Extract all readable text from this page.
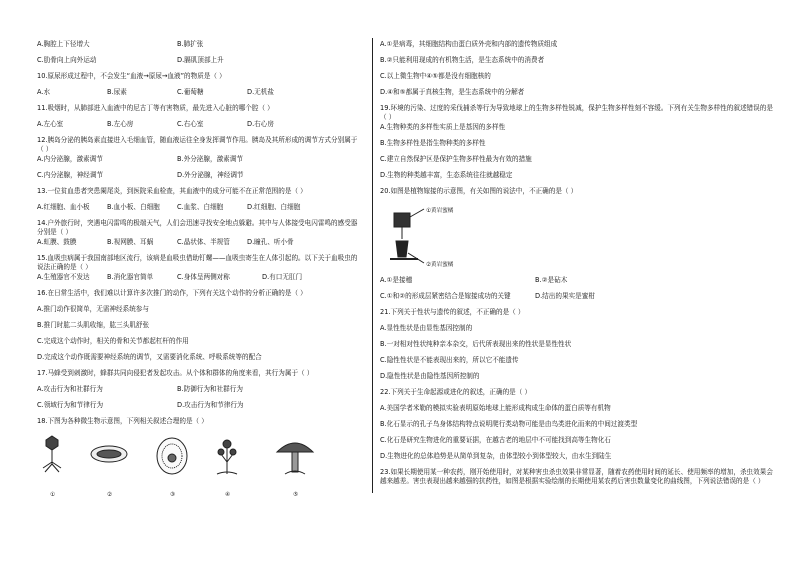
A.胸腔上下径增大	B.肺扩张
C.肋骨向上向外运动	D.膈肌顶部上升
10.原尿形成过程中，不会发生“血液→原尿→血液”的物质是（ ）
A.水	B.尿素	C.葡萄糖	D.无机盐
11.吸烟时，从肺部进入血液中的尼古丁等有害物质，最先进入心脏的哪个腔（ ）
A.左心室	B.左心房	C.右心室	D.右心房
12.胰岛分泌的胰岛素直接进入毛细血管，随血液运往全身发挥调节作用。胰岛及其所形成的调节方式分别属于（ ）
A.内分泌腺，激素调节	B.外分泌腺，激素调节
C.内分泌腺，神经调节	D.外分泌腺，神经调节
13.一位贫血患者突患阑尾炎，到医院采血检查，其血液中的成分可能不在正常范围的是（ ）
A.红细胞、血小板	B.血小板、白细胞	C.血浆、白细胞	D.红细胞、白细胞
14.户外旅行时，突遇电闪雷鸣的极端天气，人们会迅速寻找安全地点躲避。其中与人体接受电闪雷鸣的感受器分别是（ ）
A.虹膜、鼓膜	B.视网膜、耳蜗	C.晶状体、半规管	D.瞳孔、听小骨
15.血吸虫病属于我国南部地区流行，该病是血吸虫借助钉螺——血吸虫寄生在人体引起的。以下关于血吸虫的说法正确的是（ ）
A.生殖器官不发达	B.消化器官简单	C.身体呈两侧对称	D.有口无肛门
16.在日常生活中，我们难以计算许多次推门的动作，下列有关这个动作的分析正确的是（ ）
A.推门动作很简单，无需神经系统参与
B.推门时肱二头肌收缩，肱三头肌舒张
C.完成这个动作时，相关的骨和关节都起杠杆的作用
D.完成这个动作既需要神经系统的调节，又需要消化系统、呼吸系统等的配合
17.马蜂受到刺激时，蜂群共同向侵犯者发起攻击。从个体和群体的角度来看，其行为属于（ ）
A.攻击行为和社群行为	B.防御行为和社群行为
C.领域行为和节律行为	D.攻击行为和节律行为
18.下图为各种微生物示意图，下列相关叙述合理的是（ ）
①	②	③	④	⑤
A.①是病毒，其细胞结构由蛋白质外壳和内部的遗传物质组成
B.②只能利用现成的有机物生活，是生态系统中的消费者
C.以上微生物中④⑤都是没有细胞核的
D.④和⑤都属于真核生物，是生态系统中的分解者
19.环境的污染、过度的采伐捕杀等行为导致地球上的生物多样性锐减，保护生物多样性刻不容缓。下列有关生物多样性的叙述错误的是（ ）
A.生物种类的多样性实质上是基因的多样性
B.生物多样性是指生物种类的多样性
C.建立自然保护区是保护生物多样性最为有效的措施
D.生物的种类越丰富，生态系统往往就越稳定
20.如图是植物嫁接的示意图，有关如图的说法中，不正确的是（ ）
①黄岩蜜橘
②黄岩蜜橘
A.①是接穗	B.②是砧木
C.①和②的形成层紧密结合是嫁接成功的关键	D.结出的果实是蜜柑
21.下列关于性状与遗传的叙述，不正确的是（ ）
A.显性性状是由显性基因控制的
B.一对相对性状纯种亲本杂交，后代所表现出来的性状是显性性状
C.隐性性状是不能表现出来的，所以它不能遗传
D.隐性性状是由隐性基因所控制的
22.下列关于生命起源或进化的叙述，正确的是（ ）
A.美国学者米勒的模拟实验表明原始地球上能形成构成生命体的蛋白质等有机物
B.化石显示的孔子鸟身体结构特点说明爬行类动物可能是由鸟类进化而来的中间过渡类型
C.化石是研究生物进化的重要证据，在越古老的地层中不可能找到高等生物化石
D.生物进化的总体趋势是从简单到复杂，由体型较小到体型较大，由水生到陆生
23.如果长期使用某一种农药，刚开始使用时，对某种害虫杀虫效果非常显著，随着农药使用时间的延长、使用频率的增加，杀虫效果会越来越差。害虫表现出越来越强的抗药性，如图是根据实验绘制的长期使用某农药后害虫数量变化的曲线图，下列说法错误的是（ ）
